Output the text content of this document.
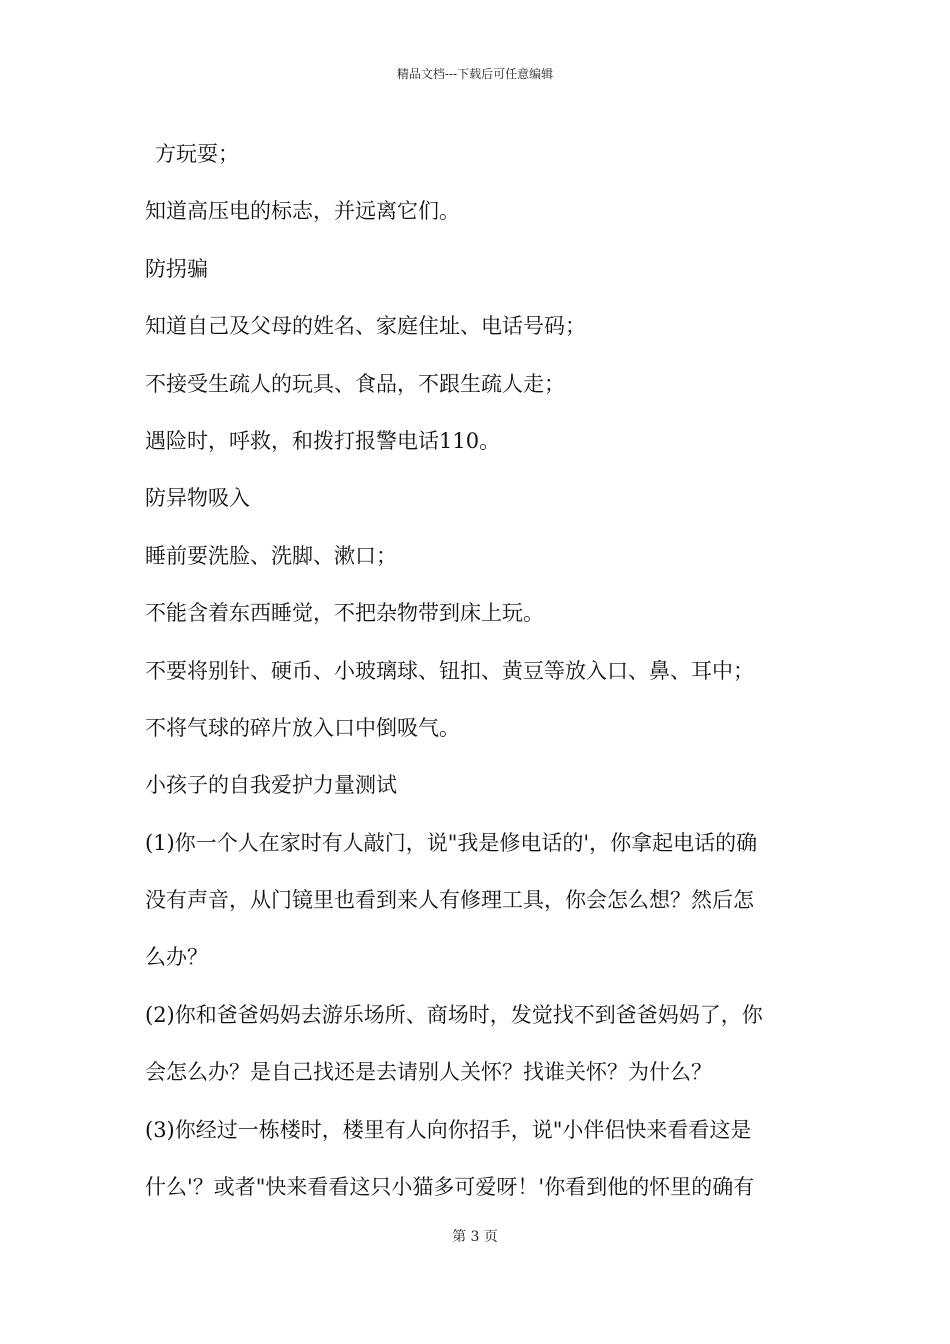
精品文档---下载后可任意编辑
方玩耍；
知道高压电的标志，并远离它们。
防拐骗
知道自己及父母的姓名、家庭住址、电话号码；
不接受生疏人的玩具、食品，不跟生疏人走；
遇险时，呼救，和拨打报警电话110。
防异物吸入
睡前要洗脸、洗脚、漱口；
不能含着东西睡觉，不把杂物带到床上玩。
不要将别针、硬币、小玻璃球、钮扣、黄豆等放入口、鼻、耳中；
不将气球的碎片放入口中倒吸气。
小孩子的自我爱护力量测试
(1)你一个人在家时有人敲门，说"我是修电话的'，你拿起电话的确
没有声音，从门镜里也看到来人有修理工具，你会怎么想？然后怎
么办？
(2)你和爸爸妈妈去游乐场所、商场时，发觉找不到爸爸妈妈了，你
会怎么办？是自己找还是去请别人关怀？找谁关怀？为什么？
(3)你经过一栋楼时，楼里有人向你招手，说"小伴侣快来看看这是
什么'？或者"快来看看这只小猫多可爱呀！'你看到他的怀里的确有
第 3 页
